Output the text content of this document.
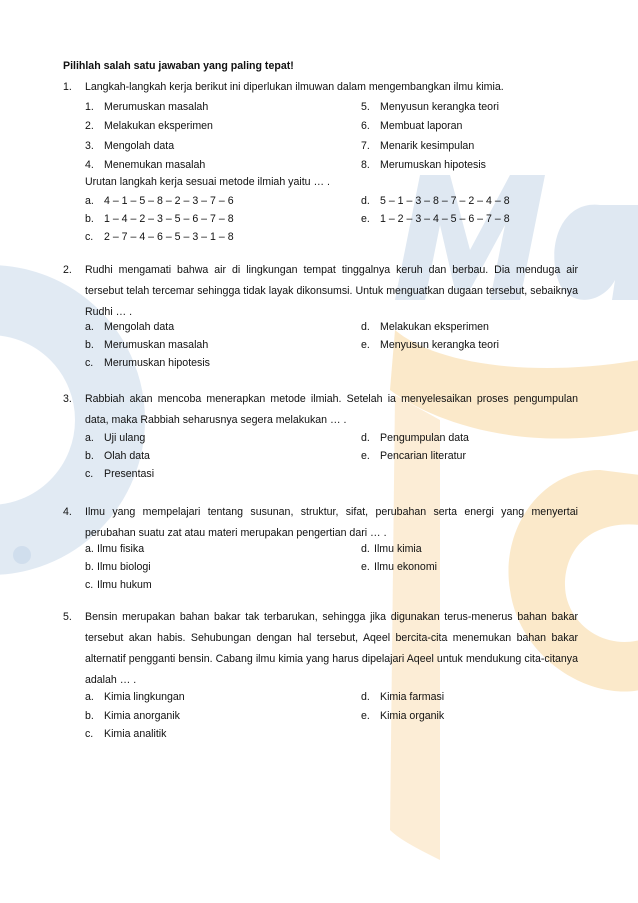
Pilihlah salah satu jawaban yang paling tepat!
1. Langkah-langkah kerja berikut ini diperlukan ilmuwan dalam mengembangkan ilmu kimia.
1. Merumuskan masalah	5. Menyusun kerangka teori
2. Melakukan eksperimen	6. Membuat laporan
3. Mengolah data	7. Menarik kesimpulan
4. Menemukan masalah	8. Merumuskan hipotesis
Urutan langkah kerja sesuai metode ilmiah yaitu … .
a. 4 – 1 – 5 – 8 – 2 – 3 – 7 – 6	d. 5 – 1 – 3 – 8 – 7 – 2 – 4 – 8
b. 1 – 4 – 2 – 3 – 5 – 6 – 7 – 8	e. 1 – 2 – 3 – 4 – 5 – 6 – 7 – 8
c. 2 – 7 – 4 – 6 – 5 – 3 – 1 – 8
2. Rudhi mengamati bahwa air di lingkungan tempat tinggalnya keruh dan berbau. Dia menduga air tersebut telah tercemar sehingga tidak layak dikonsumsi. Untuk menguatkan dugaan tersebut, sebaiknya Rudhi … .
a. Mengolah data	d. Melakukan eksperimen
b. Merumuskan masalah	e. Menyusun kerangka teori
c. Merumuskan hipotesis
3. Rabbiah akan mencoba menerapkan metode ilmiah. Setelah ia menyelesaikan proses pengumpulan data, maka Rabbiah seharusnya segera melakukan … .
a. Uji ulang	d. Pengumpulan data
b. Olah data	e. Pencarian literatur
c. Presentasi
4. Ilmu yang mempelajari tentang susunan, struktur, sifat, perubahan serta energi yang menyertai perubahan suatu zat atau materi merupakan pengertian dari … .
a. Ilmu fisika	d. Ilmu kimia
b. Ilmu biologi	e. Ilmu ekonomi
c. Ilmu hukum
5. Bensin merupakan bahan bakar tak terbarukan, sehingga jika digunakan terus-menerus bahan bakar tersebut akan habis. Sehubungan dengan hal tersebut, Aqeel bercita-cita menemukan bahan bakar alternatif pengganti bensin. Cabang ilmu kimia yang harus dipelajari Aqeel untuk mendukung cita-citanya adalah … .
a. Kimia lingkungan	d. Kimia farmasi
b. Kimia anorganik	e. Kimia organik
c. Kimia analitik
